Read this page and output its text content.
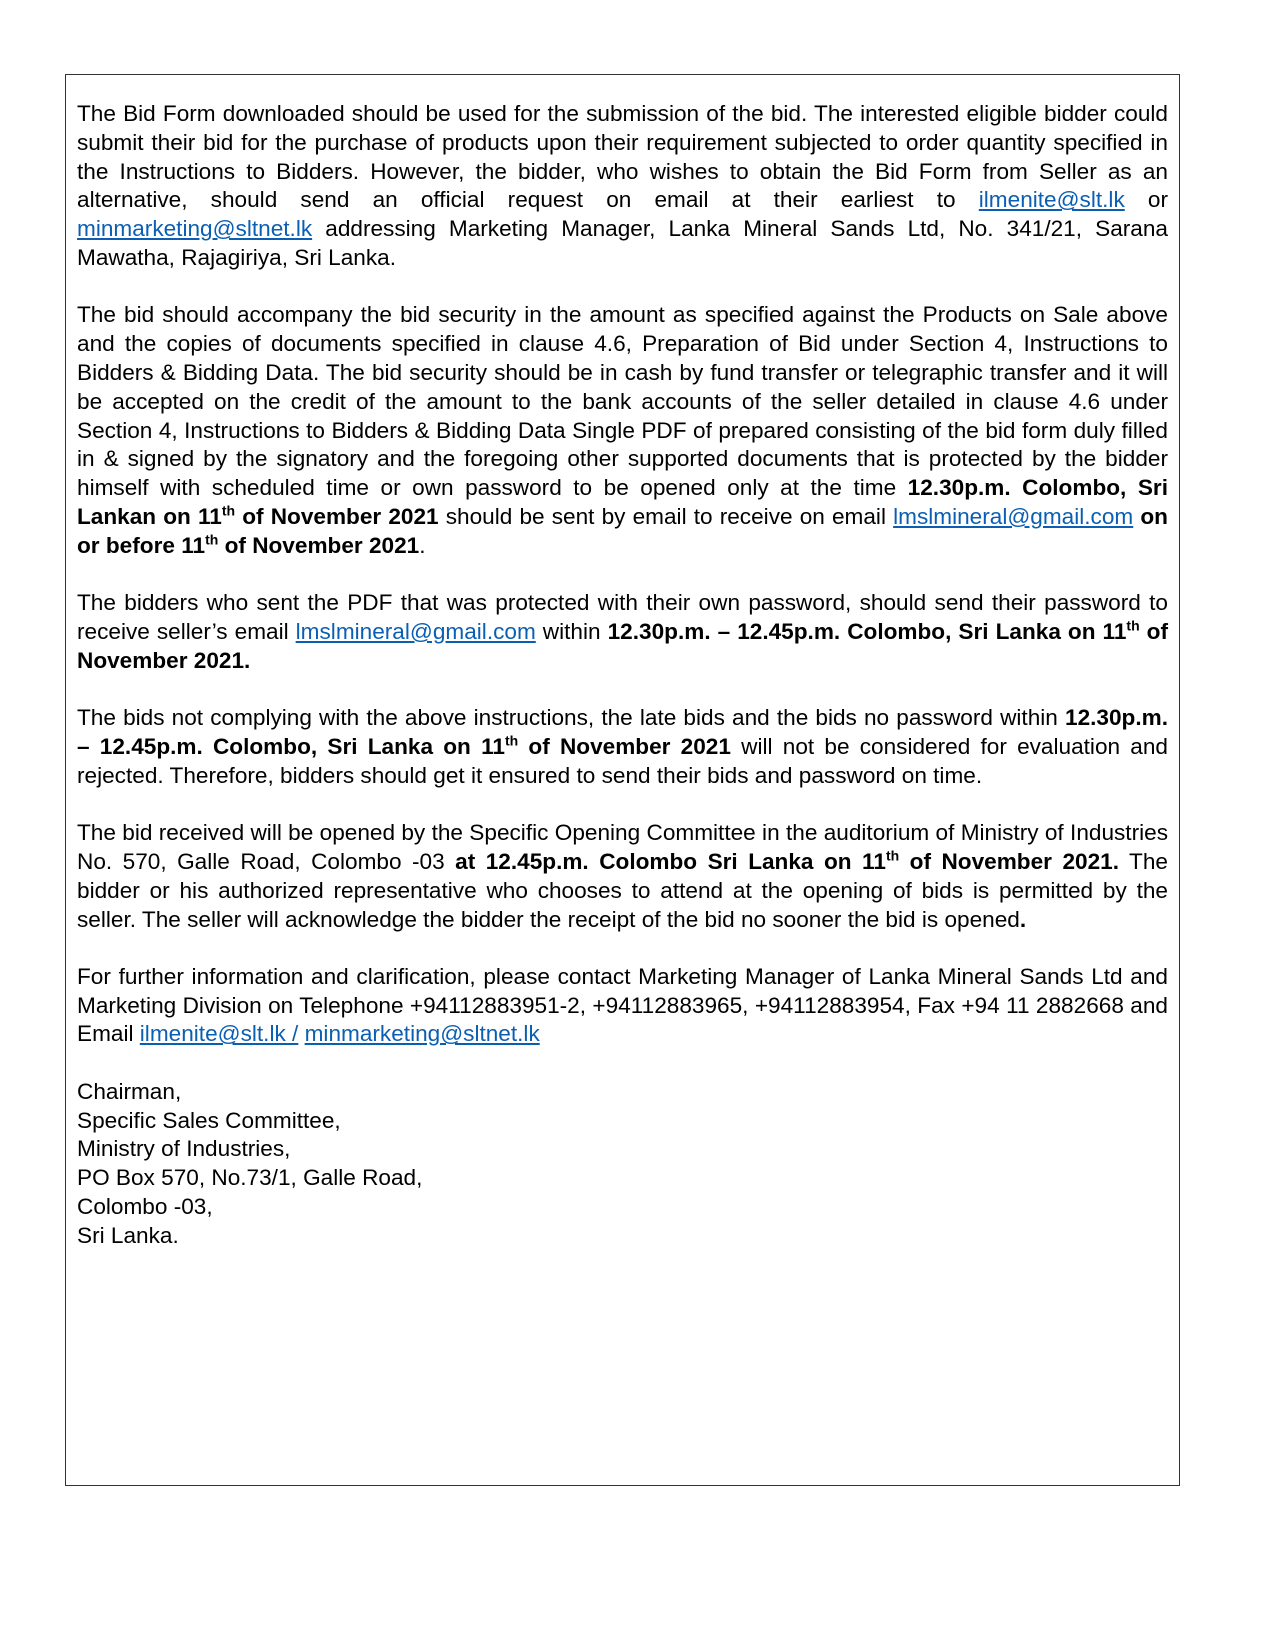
The Bid Form downloaded should be used for the submission of the bid. The interested eligible bidder could submit their bid for the purchase of products upon their requirement subjected to order quantity specified in the Instructions to Bidders. However, the bidder, who wishes to obtain the Bid Form from Seller as an alternative, should send an official request on email at their earliest to ilmenite@slt.lk or minmarketing@sltnet.lk addressing Marketing Manager, Lanka Mineral Sands Ltd, No. 341/21, Sarana Mawatha, Rajagiriya, Sri Lanka.

The bid should accompany the bid security in the amount as specified against the Products on Sale above and the copies of documents specified in clause 4.6, Preparation of Bid under Section 4, Instructions to Bidders & Bidding Data. The bid security should be in cash by fund transfer or telegraphic transfer and it will be accepted on the credit of the amount to the bank accounts of the seller detailed in clause 4.6 under Section 4, Instructions to Bidders & Bidding Data Single PDF of prepared consisting of the bid form duly filled in & signed by the signatory and the foregoing other supported documents that is protected by the bidder himself with scheduled time or own password to be opened only at the time 12.30p.m. Colombo, Sri Lankan on 11th of November 2021 should be sent by email to receive on email lmslmineral@gmail.com on or before 11th of November 2021.

The bidders who sent the PDF that was protected with their own password, should send their password to receive seller’s email lmslmineral@gmail.com within 12.30p.m. – 12.45p.m. Colombo, Sri Lanka on 11th of November 2021.

The bids not complying with the above instructions, the late bids and the bids no password within 12.30p.m. – 12.45p.m. Colombo, Sri Lanka on 11th of November 2021 will not be considered for evaluation and rejected. Therefore, bidders should get it ensured to send their bids and password on time.

The bid received will be opened by the Specific Opening Committee in the auditorium of Ministry of Industries No. 570, Galle Road, Colombo -03 at 12.45p.m. Colombo Sri Lanka on 11th of November 2021. The bidder or his authorized representative who chooses to attend at the opening of bids is permitted by the seller. The seller will acknowledge the bidder the receipt of the bid no sooner the bid is opened.

For further information and clarification, please contact Marketing Manager of Lanka Mineral Sands Ltd and Marketing Division on Telephone +94112883951-2, +94112883965, +94112883954, Fax +94 11 2882668 and Email ilmenite@slt.lk / minmarketing@sltnet.lk

Chairman,
Specific Sales Committee,
Ministry of Industries,
PO Box 570, No.73/1, Galle Road,
Colombo -03,
Sri Lanka.
